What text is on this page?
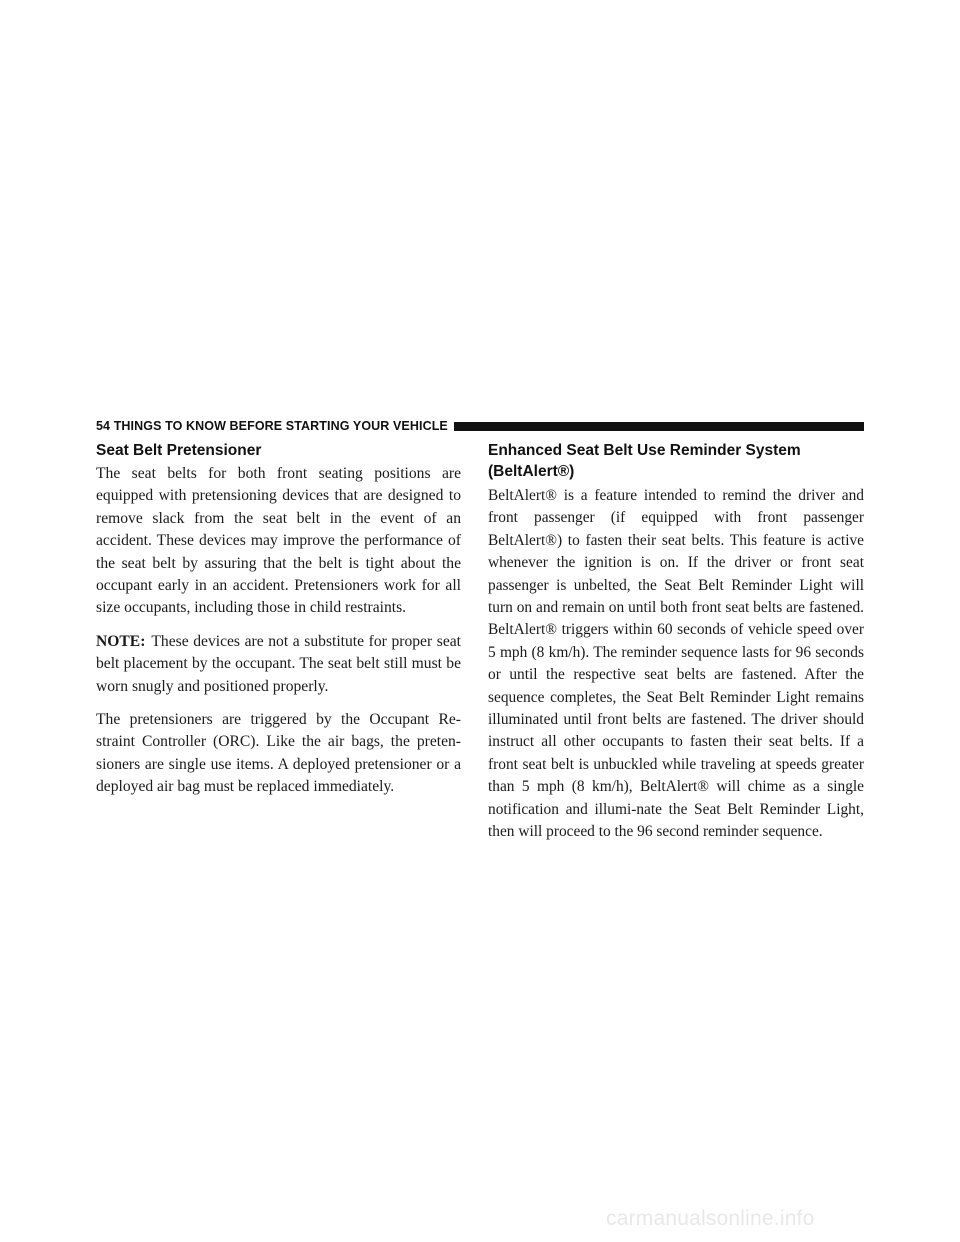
54 THINGS TO KNOW BEFORE STARTING YOUR VEHICLE
Seat Belt Pretensioner

The seat belts for both front seating positions are equipped with pretensioning devices that are designed to remove slack from the seat belt in the event of an accident. These devices may improve the performance of the seat belt by assuring that the belt is tight about the occupant early in an accident. Pretensioners work for all size occupants, including those in child restraints.

NOTE: These devices are not a substitute for proper seat belt placement by the occupant. The seat belt still must be worn snugly and positioned properly.

The pretensioners are triggered by the Occupant Re-straint Controller (ORC). Like the air bags, the preten-sioners are single use items. A deployed pretensioner or a deployed air bag must be replaced immediately.

Enhanced Seat Belt Use Reminder System (BeltAlert®)

BeltAlert® is a feature intended to remind the driver and front passenger (if equipped with front passenger BeltAlert®) to fasten their seat belts. This feature is active whenever the ignition is on. If the driver or front seat passenger is unbelted, the Seat Belt Reminder Light will turn on and remain on until both front seat belts are fastened. BeltAlert® triggers within 60 seconds of vehicle speed over 5 mph (8 km/h). The reminder sequence lasts for 96 seconds or until the respective seat belts are fastened. After the sequence completes, the Seat Belt Reminder Light remains illuminated until front belts are fastened. The driver should instruct all other occupants to fasten their seat belts. If a front seat belt is unbuckled while traveling at speeds greater than 5 mph (8 km/h), BeltAlert® will chime as a single notification and illumi-nate the Seat Belt Reminder Light, then will proceed to the 96 second reminder sequence.

carmanualsonline.info
